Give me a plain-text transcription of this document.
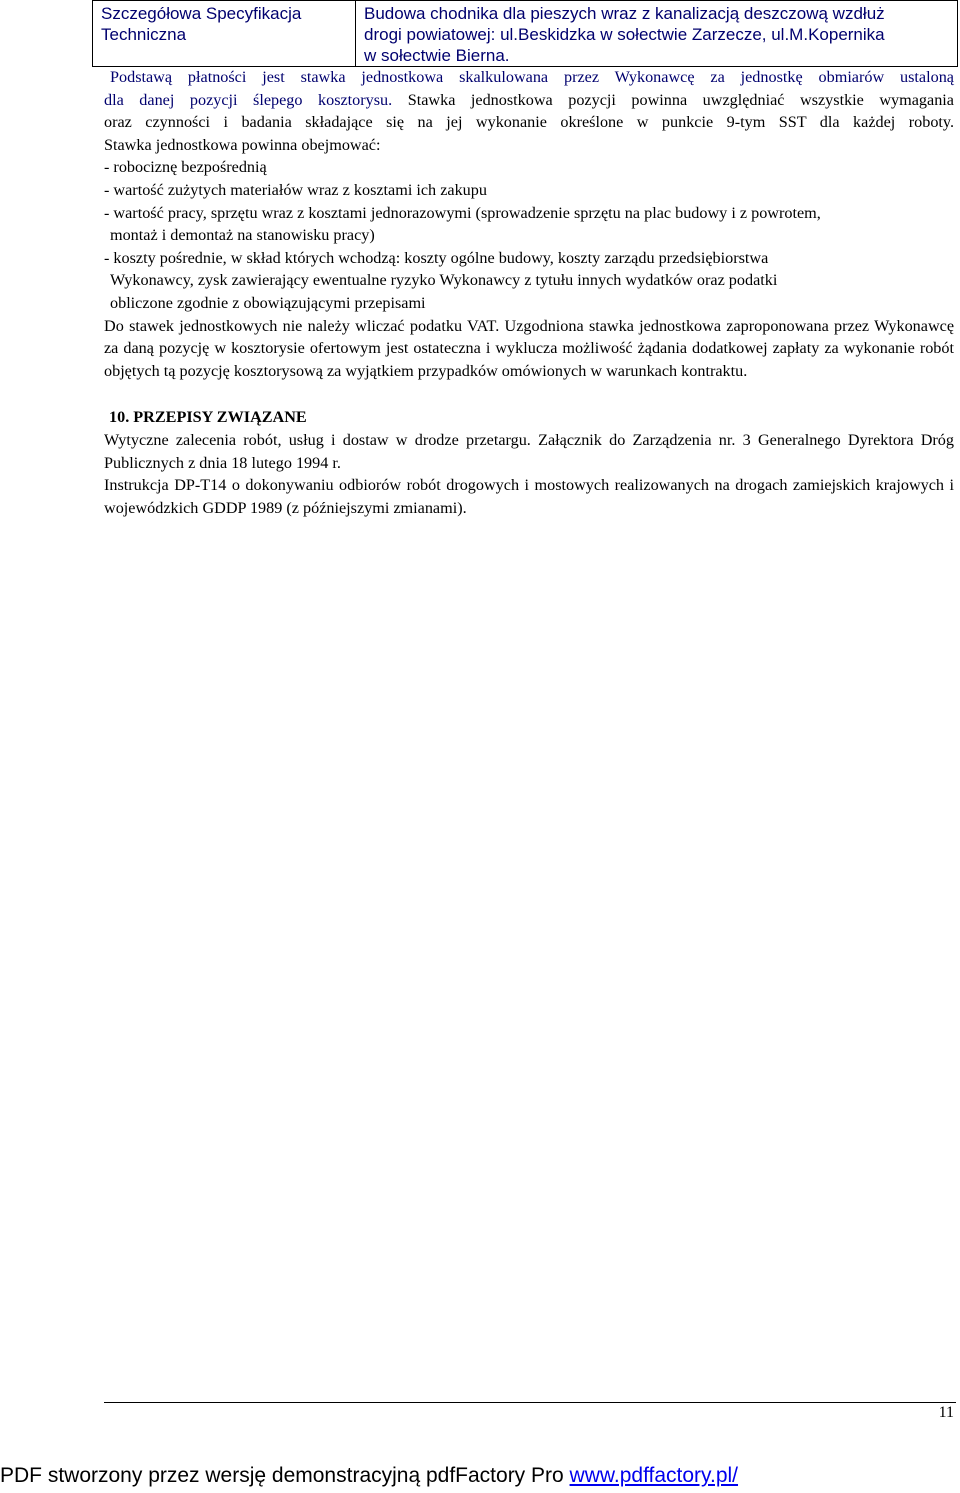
Szczegółowa Specyfikacja
Techniczna

Budowa chodnika dla pieszych wraz z kanalizacją deszczową wzdłuż
drogi powiatowej: ul.Beskidzka w sołectwie Zarzecze, ul.M.Kopernika
w sołectwie Bierna.
Podstawą płatności jest stawka jednostkowa skalkulowana przez Wykonawcę za jednostkę obmiarów ustaloną
dla danej pozycji ślepego kosztorysu. Stawka jednostkowa pozycji powinna uwzględniać wszystkie wymagania
oraz czynności i badania składające się na jej wykonanie określone w punkcie 9-tym SST dla każdej roboty.
Stawka jednostkowa powinna obejmować:
- robociznę bezpośrednią
- wartość zużytych materiałów wraz z kosztami ich zakupu
- wartość pracy, sprzętu wraz z kosztami jednorazowymi (sprowadzenie sprzętu na plac budowy i z powrotem,
montaż i demontaż na stanowisku pracy)
- koszty pośrednie, w skład których wchodzą: koszty ogólne budowy, koszty zarządu przedsiębiorstwa
Wykonawcy, zysk zawierający ewentualne ryzyko Wykonawcy z tytułu innych wydatków oraz podatki
obliczone zgodnie z obowiązującymi przepisami

Do stawek jednostkowych nie należy wliczać podatku VAT. Uzgodniona stawka jednostkowa zaproponowana przez Wykonawcę za daną pozycję w kosztorysie ofertowym jest ostateczna i wyklucza możliwość żądania dodatkowej zapłaty za wykonanie robót objętych tą pozycję kosztorysową za wyjątkiem przypadków omówionych w warunkach kontraktu.

10. PRZEPISY ZWIĄZANE

Wytyczne zalecenia robót, usług i dostaw w drodze przetargu. Załącznik do Zarządzenia nr. 3 Generalnego Dyrektora Dróg Publicznych z dnia 18 lutego 1994 r.

Instrukcja DP-T14 o dokonywaniu odbiorów robót drogowych i mostowych realizowanych na drogach zamiejskich krajowych i wojewódzkich GDDP 1989 (z późniejszymi zmianami).

11
PDF stworzony przez wersję demonstracyjną pdfFactory Pro www.pdffactory.pl/
